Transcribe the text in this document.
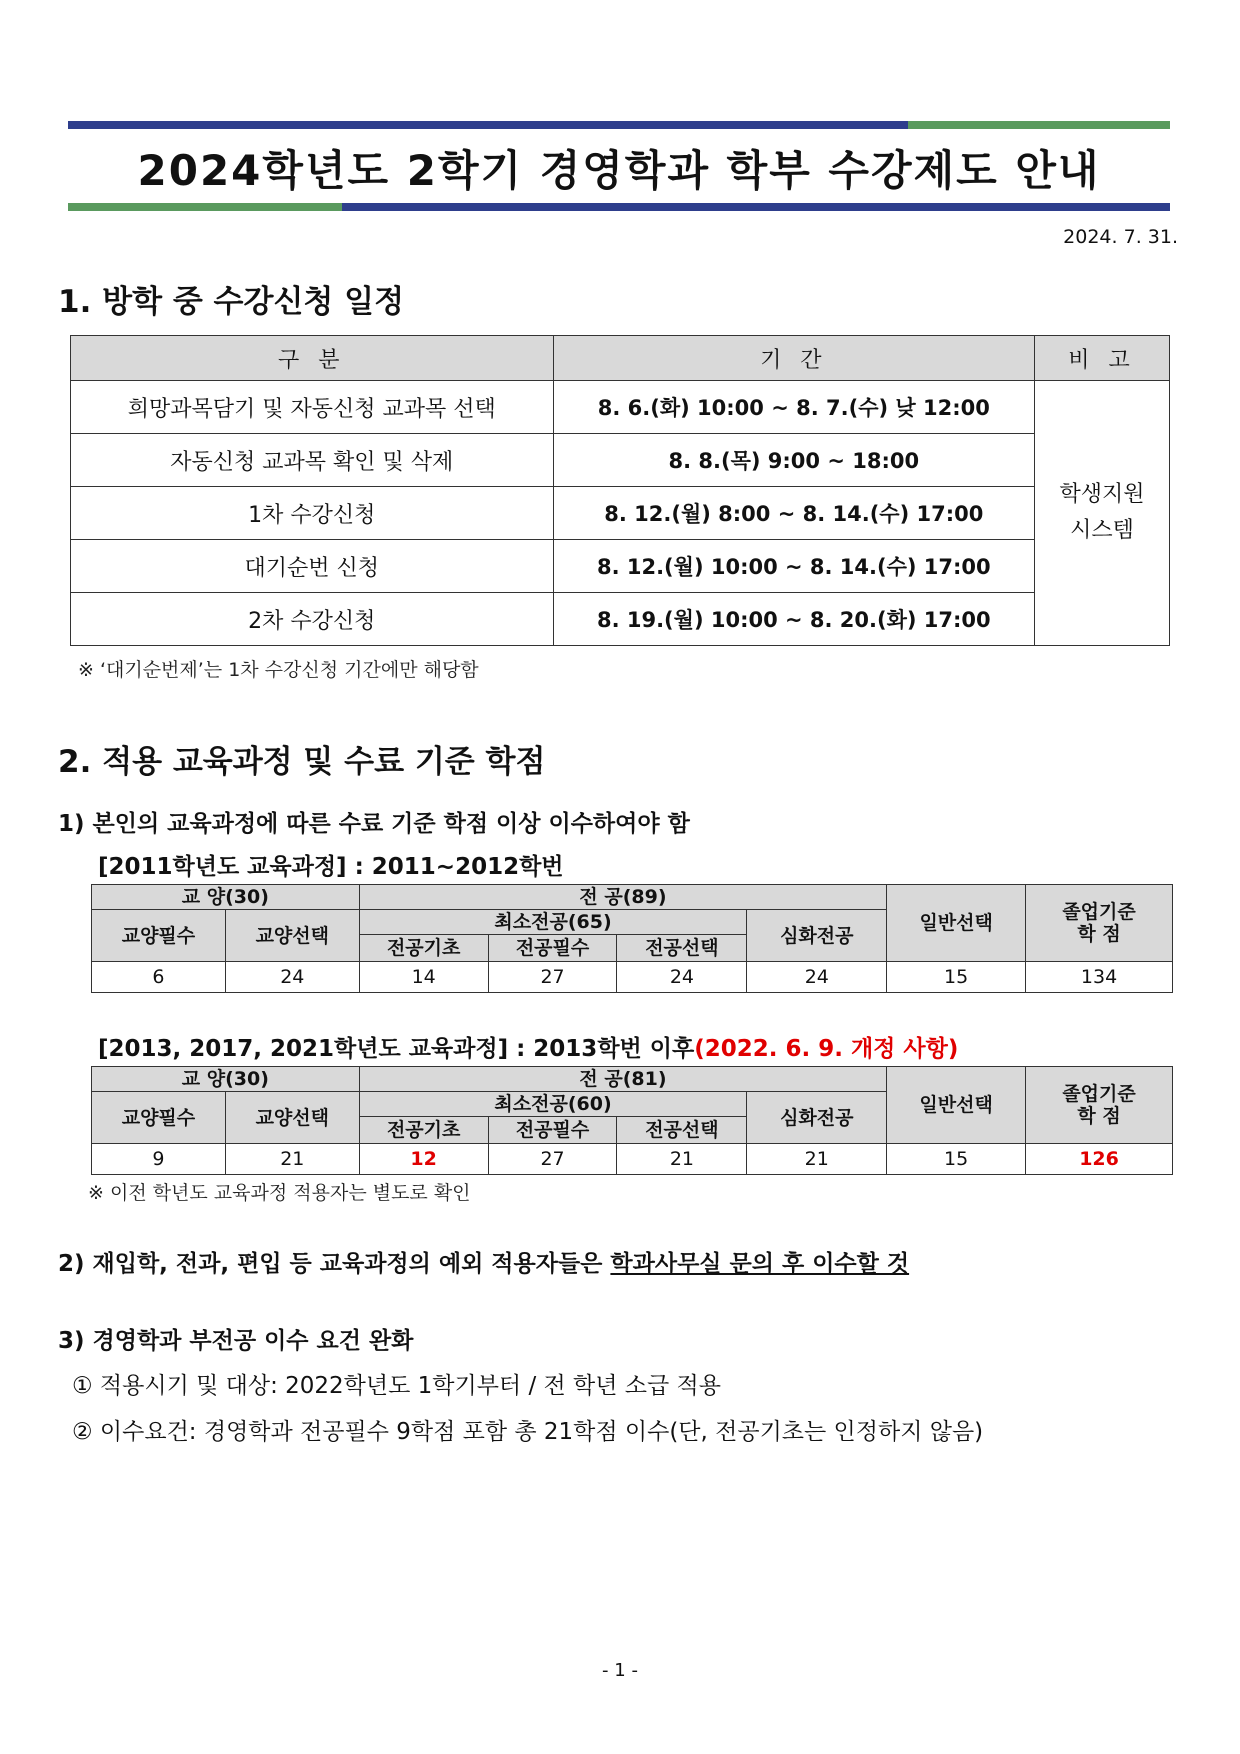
2024학년도 2학기 경영학과 학부 수강제도 안내
2024. 7. 31.
1. 방학 중 수강신청 일정
구 분	기 간	비 고
희망과목담기 및 자동신청 교과목 선택	8. 6.(화) 10:00 ~ 8. 7.(수) 낮 12:00	학생지원
시스템

자동신청 교과목 확인 및 삭제	8. 8.(목) 9:00 ~ 18:00	
1차 수강신청	8. 12.(월) 8:00 ~ 8. 14.(수) 17:00	
대기순번 신청	8. 12.(월) 10:00 ~ 8. 14.(수) 17:00	
2차 수강신청	8. 19.(월) 10:00 ~ 8. 20.(화) 17:00	
※ ‘대기순번제’는 1차 수강신청 기간에만 해당함
2. 적용 교육과정 및 수료 기준 학점
1) 본인의 교육과정에 따른 수료 기준 학점 이상 이수하여야 함
[2011학년도 교육과정] : 2011~2012학번
교 양(30)		전 공(89)				일반선택	졸업기준
학 점

교양필수	교양선택	최소전공(65)			심화전공		
		전공기초	전공필수	전공선택			
6	24	14	27	24	24	15	134
[2013, 2017, 2021학년도 교육과정] : 2013학번 이후(2022. 6. 9. 개정 사항)
교 양(30)		전 공(81)				일반선택	졸업기준
학 점

교양필수	교양선택	최소전공(60)			심화전공		
		전공기초	전공필수	전공선택			
9	21	12	27	21	21	15	126
※ 이전 학년도 교육과정 적용자는 별도로 확인
2) 재입학, 전과, 편입 등 교육과정의 예외 적용자들은 학과사무실 문의 후 이수할 것
3) 경영학과 부전공 이수 요건 완화
① 적용시기 및 대상: 2022학년도 1학기부터 / 전 학년 소급 적용
② 이수요건: 경영학과 전공필수 9학점 포함 총 21학점 이수(단, 전공기초는 인정하지 않음)
- 1 -
